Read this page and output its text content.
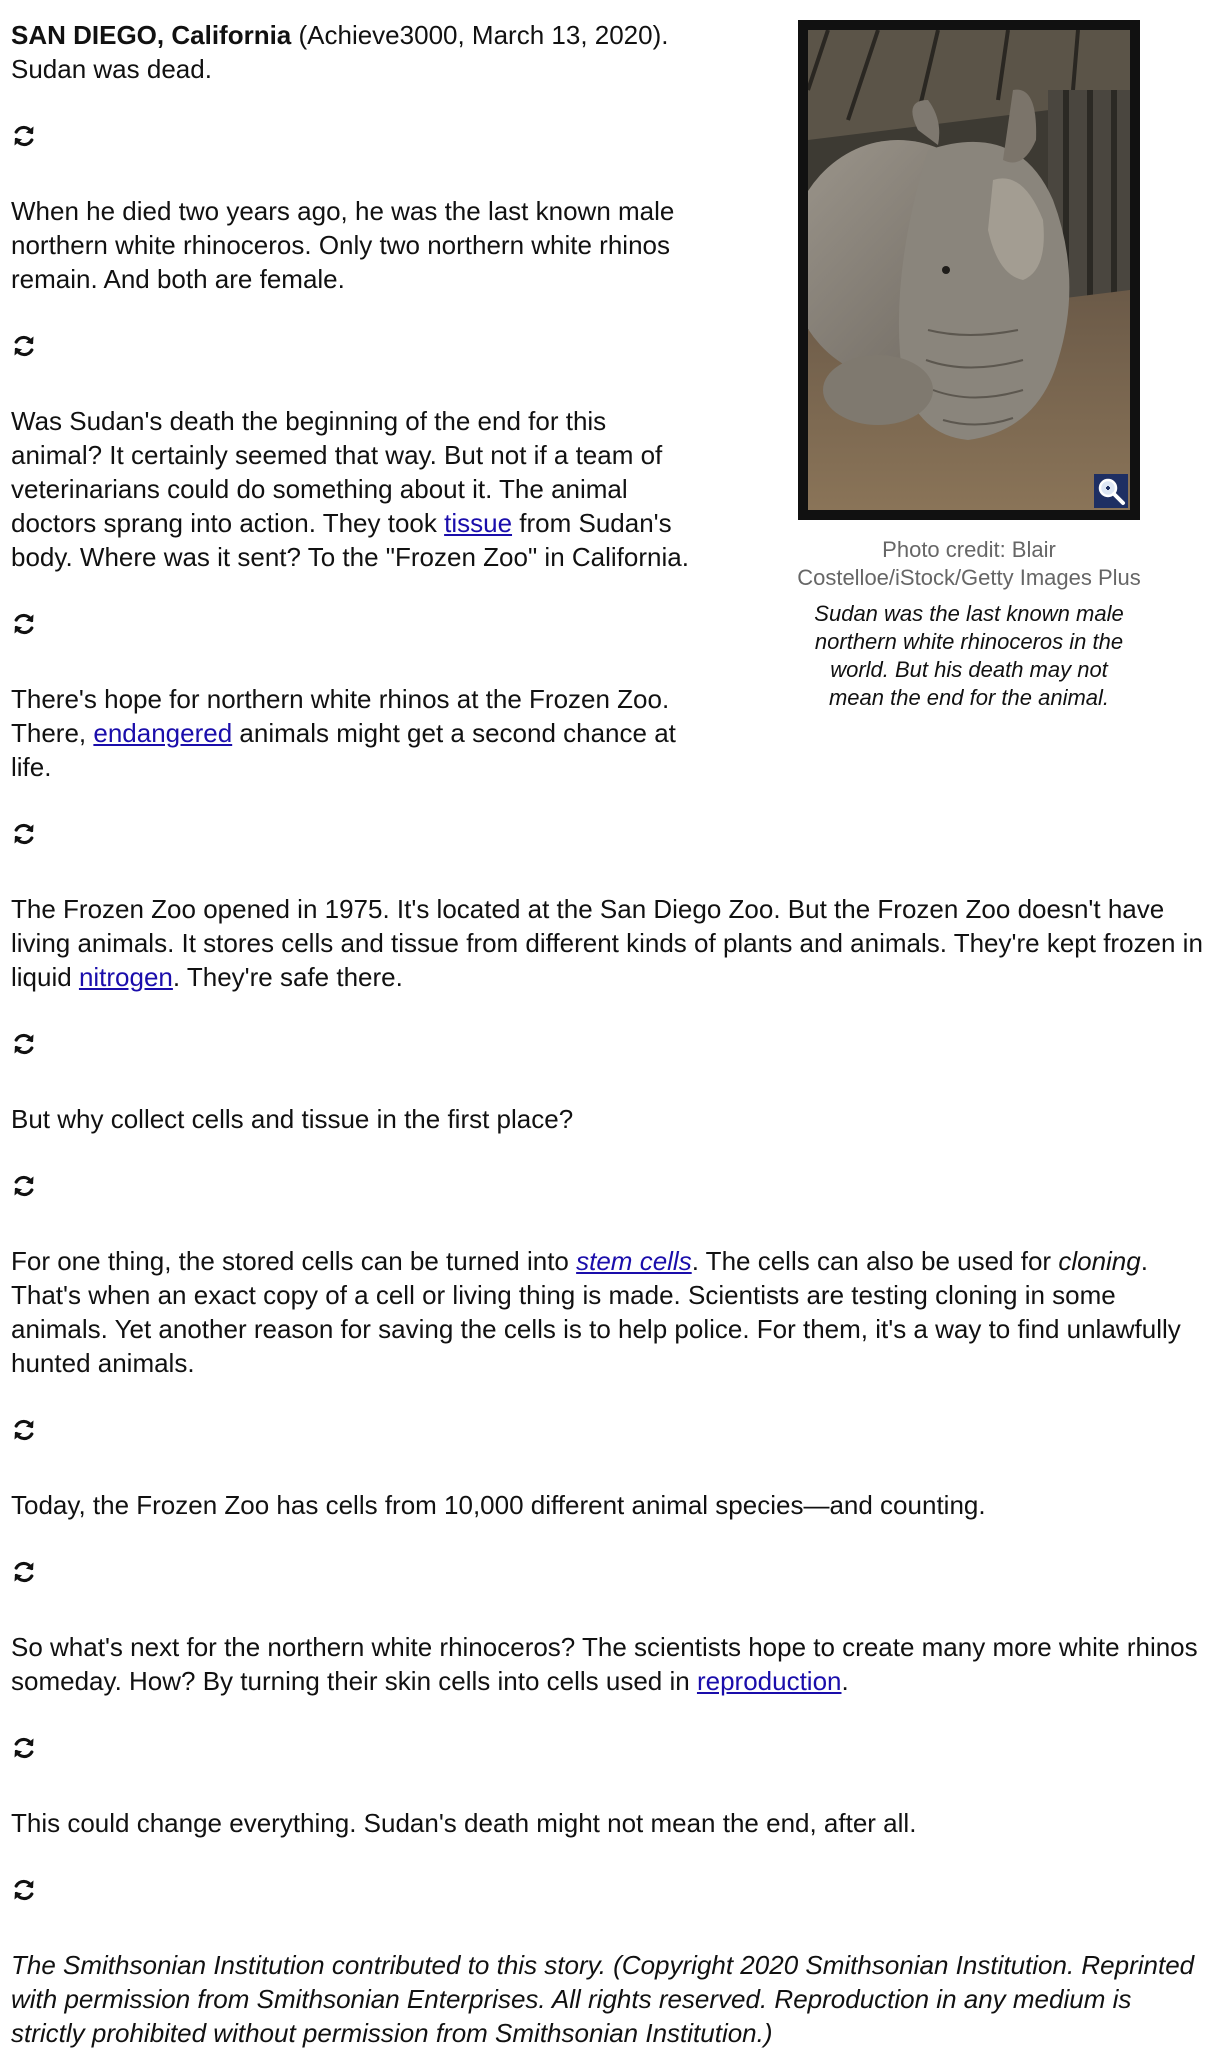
SAN DIEGO, California (Achieve3000, March 13, 2020). Sudan was dead.

When he died two years ago, he was the last known male northern white rhinoceros. Only two northern white rhinos remain. And both are female.

Was Sudan's death the beginning of the end for this animal? It certainly seemed that way. But not if a team of veterinarians could do something about it. The animal doctors sprang into action. They took tissue from Sudan's body. Where was it sent? To the "Frozen Zoo" in California.

There's hope for northern white rhinos at the Frozen Zoo. There, endangered animals might get a second chance at life.

The Frozen Zoo opened in 1975. It's located at the San Diego Zoo. But the Frozen Zoo doesn't have living animals. It stores cells and tissue from different kinds of plants and animals. They're kept frozen in liquid nitrogen. They're safe there.

But why collect cells and tissue in the first place?

For one thing, the stored cells can be turned into stem cells. The cells can also be used for cloning. That's when an exact copy of a cell or living thing is made. Scientists are testing cloning in some animals. Yet another reason for saving the cells is to help police. For them, it's a way to find unlawfully hunted animals.

Today, the Frozen Zoo has cells from 10,000 different animal species—and counting.

So what's next for the northern white rhinoceros? The scientists hope to create many more white rhinos someday. How? By turning their skin cells into cells used in reproduction.

This could change everything. Sudan's death might not mean the end, after all.

The Smithsonian Institution contributed to this story. (Copyright 2020 Smithsonian Institution. Reprinted with permission from Smithsonian Enterprises. All rights reserved. Reproduction in any medium is strictly prohibited without permission from Smithsonian Institution.)

Photo credit: Blair Costelloe/iStock/Getty Images Plus
Sudan was the last known male northern white rhinoceros in the world. But his death may not mean the end for the animal.
